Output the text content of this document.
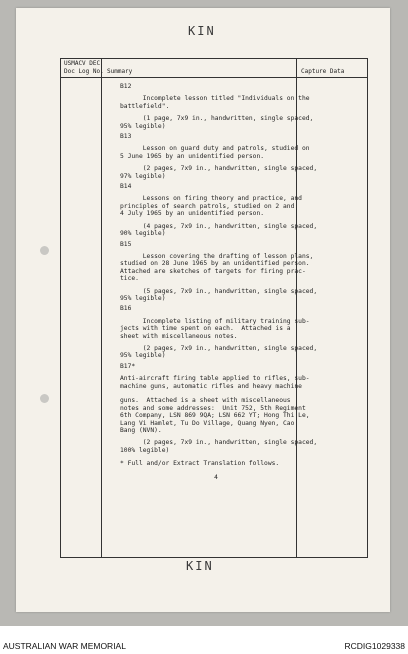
KIN
KIN
USMACV DEC
Doc Log No. Summary	Capture Data

B12

Incomplete lesson titled "Individuals on the
battlefield".

(1 page, 7x9 in., handwritten, single spaced,
95% legible)

B13

Lesson on guard duty and patrols, studied on
5 June 1965 by an unidentified person.

(2 pages, 7x9 in., handwritten, single spaced,
97% legible)

B14

Lessons on firing theory and practice, and
principles of search patrols, studied on 2 and
4 July 1965 by an unidentified person.

(4 pages, 7x9 in., handwritten, single spaced,
90% legible)

B15

Lesson covering the drafting of lesson plans,
studied on 28 June 1965 by an unidentified person.
Attached are sketches of targets for firing prac-
tice.

(5 pages, 7x9 in., handwritten, single spaced,
95% legible)

B16

Incomplete listing of military training sub-
jects with time spent on each.  Attached is a
sheet with miscellaneous notes.

(2 pages, 7x9 in., handwritten, single spaced,
95% legible)

B17*

Anti-aircraft firing table applied to rifles, sub-
machine guns, automatic rifles and heavy machine

guns.  Attached is a sheet with miscellaneous
notes and some addresses:  Unit 752, 5th Regiment
6th Company, LSN 869 9QA; LSN 662 YT; Hong Thi Le,
Lang Vi Hamlet, Tu Do Village, Quang Nyen, Cao
Bang (NVN).

(2 pages, 7x9 in., handwritten, single spaced,
100% legible)

* Full and/or Extract Translation follows.

4

AUSTRALIAN WAR MEMORIAL	RCDIG1029338
